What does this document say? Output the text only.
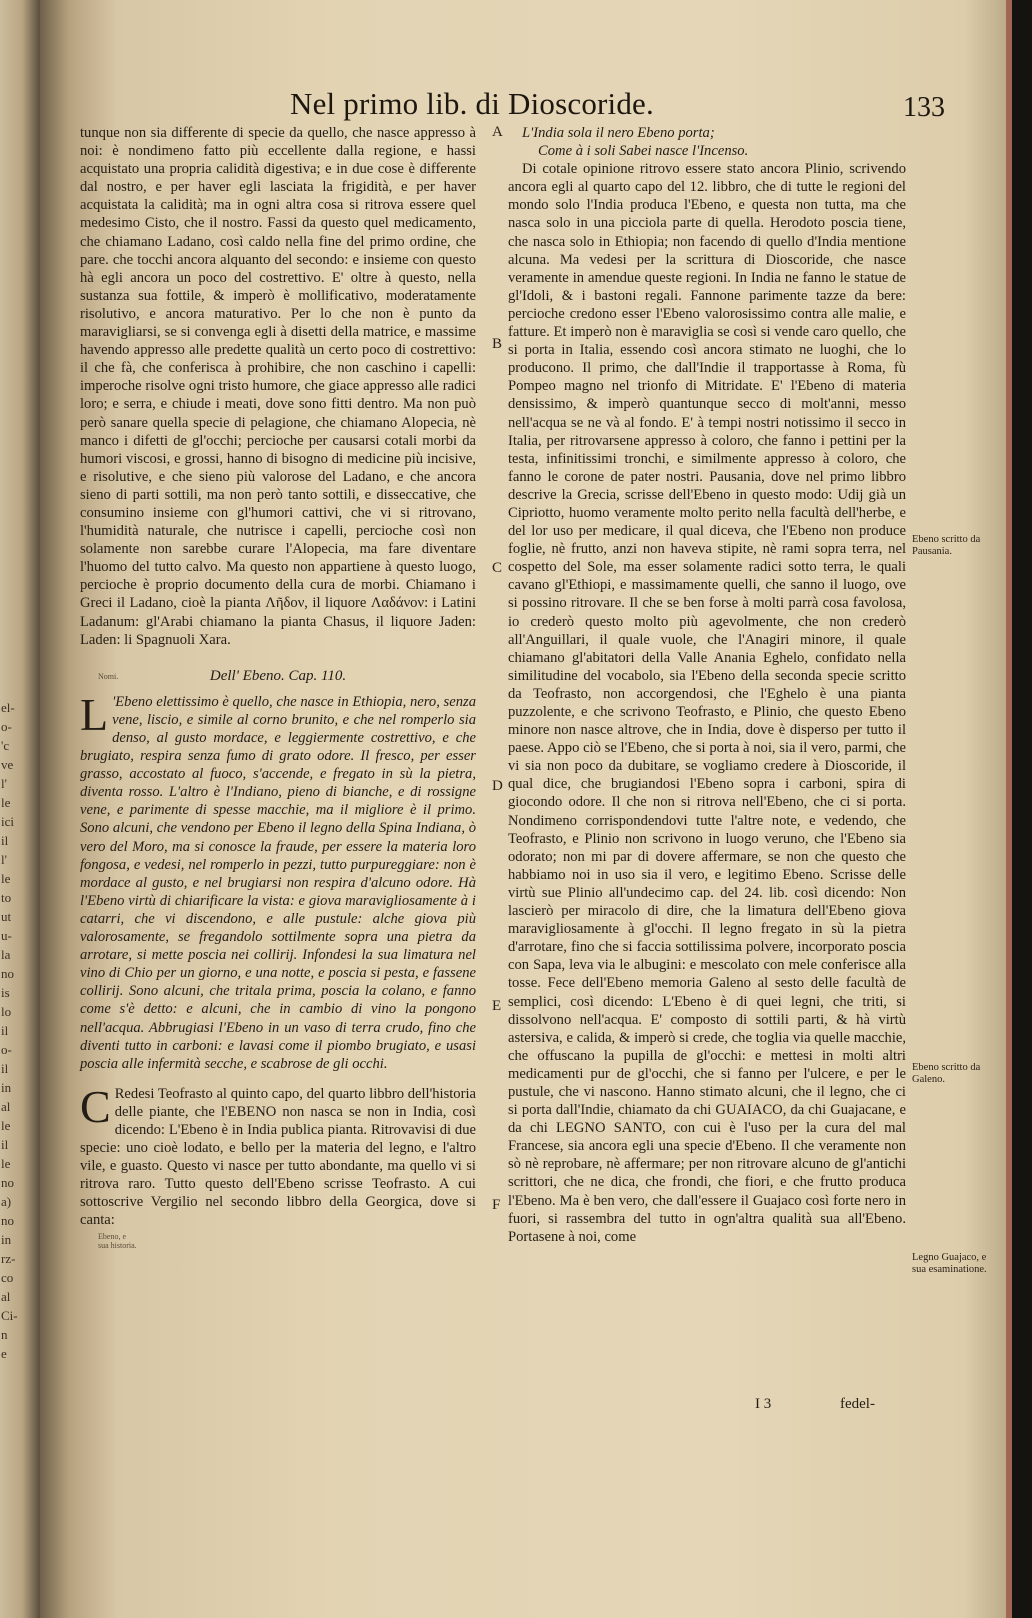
el-
o-
'c
ve
l'
le
ici
il
l'
le
to
ut
u-
la
no
is
lo
il
o-
il
in
al
le
il
le
no
a)
no
in
rz-
co
al
Ci-
n
e
Nel primo lib. di Dioscoride.	133

tunque non sia differente di specie da quello, che nasce appresso à noi: è nondimeno fatto più eccellente dalla regione, e hassi acquistato una propria calidità digestiva; e in due cose è differente dal nostro, e per haver egli lasciata la frigidità, e per haver acquistata la calidità; ma in ogni altra cosa si ritrova essere quel medesimo Cisto, che il nostro. Fassi da questo quel medicamento, che chiamano Ladano, così caldo nella fine del primo ordine, che pare. che tocchi ancora alquanto del secondo: e insieme con questo hà egli ancora un poco del costrettivo. E' oltre à questo, nella sustanza sua fottile, & imperò è mollificativo, moderatamente risolutivo, e ancora maturativo. Per lo che non è punto da maravigliarsi, se si convenga egli à disetti della matrice, e massime havendo appresso alle predette qualità un certo poco di costrettivo: il che fà, che conferisca à prohibire, che non caschino i capelli: imperoche risolve ogni tristo humore, che giace appresso alle radici loro; e serra, e chiude i meati, dove sono fitti dentro. Ma non può però sanare quella specie di pelagione, che chiamano Alopecia, nè manco i difetti de gl'occhi; percioche per causarsi cotali morbi da humori viscosi, e grossi, hanno di bisogno di medicine più incisive, e risolutive, e che sieno più valorose del Ladano, e che ancora sieno di parti sottili, ma non però tanto sottili, e disseccative, che consumino insieme con gl'humori cattivi, che vi si ritrovano, l'humidità naturale, che nutrisce i capelli, percioche così non solamente non sarebbe curare l'Alopecia, ma fare diventare l'huomo del tutto calvo. Ma questo non appartiene à questo luogo, percioche è proprio documento della cura de morbi. Chiamano i Greci il Ladano, cioè la pianta Λῆδον, il liquore Λαδάνον: i Latini Ladanum: gl'Arabi chiamano la pianta Chasus, il liquore Jaden: Laden: li Spagnuoli Xara.

Dell' Ebeno. Cap. 110.

L 'Ebeno elettissimo è quello, che nasce in Ethiopia, nero, senza vene, liscio, e simile al corno brunito, e che nel romperlo sia denso, al gusto mordace, e leggiermente costrettivo, e che brugiato, respira senza fumo di grato odore. Il fresco, per esser grasso, accostato al fuoco, s'accende, e fregato in sù la pietra, diventa rosso. L'altro è l'Indiano, pieno di bianche, e di rossigne vene, e parimente di spesse macchie, ma il migliore è il primo. Sono alcuni, che vendono per Ebeno il legno della Spina Indiana, ò vero del Moro, ma si conosce la fraude, per essere la materia loro fongosa, e vedesi, nel romperlo in pezzi, tutto purpureggiare: non è mordace al gusto, e nel brugiarsi non respira d'alcuno odore. Hà l'Ebeno virtù di chiarificare la vista: e giova maravigliosamente à i catarri, che vi discendono, e alle pustule: alche giova più valorosamente, se fregandolo sottilmente sopra una pietra da arrotare, si mette poscia nei collirij. Infondesi la sua limatura nel vino di Chio per un giorno, e una notte, e poscia si pesta, e fassene collirij. Sono alcuni, che tritala prima, poscia la colano, e fanno come s'è detto: e alcuni, che in cambio di vino la pongono nell'acqua. Abbrugiasi l'Ebeno in un vaso di terra crudo, fino che diventi tutto in carboni: e lavasi come il piombo brugiato, e usasi poscia alle infermità secche, e scabrose de gli occhi.

C Redesi Teofrasto al quinto capo, del quarto libbro dell'historia delle piante, che l'EBENO non nasca se non in India, così dicendo: L'Ebeno è in India publica pianta. Ritrovavisi di due specie: uno cioè lodato, e bello per la materia del legno, e l'altro vile, e guasto. Questo vi nasce per tutto abondante, ma quello vi si ritrova raro. Tutto questo dell'Ebeno scrisse Teofrasto. A cui sottoscrive Vergilio nel secondo libbro della Georgica, dove si canta:

A
B
C
D
E
F

L'India sola il nero Ebeno porta;

Come à i soli Sabei nasce l'Incenso.

Di cotale opinione ritrovo essere stato ancora Plinio, scrivendo ancora egli al quarto capo del 12. libbro, che di tutte le regioni del mondo solo l'India produca l'Ebeno, e questa non tutta, ma che nasca solo in una picciola parte di quella. Herodoto poscia tiene, che nasca solo in Ethiopia; non facendo di quello d'India mentione alcuna. Ma vedesi per la scrittura di Dioscoride, che nasce veramente in amendue queste regioni. In India ne fanno le statue de gl'Idoli, & i bastoni regali. Fannone parimente tazze da bere: percioche credono esser l'Ebeno valorosissimo contra alle malie, e fatture. Et imperò non è maraviglia se così si vende caro quello, che si porta in Italia, essendo così ancora stimato ne luoghi, che lo producono. Il primo, che dall'Indie il trapportasse à Roma, fù Pompeo magno nel trionfo di Mitridate. E' l'Ebeno di materia densissimo, & imperò quantunque secco di molt'anni, messo nell'acqua se ne và al fondo. E' à tempi nostri notissimo il secco in Italia, per ritrovarsene appresso à coloro, che fanno i pettini per la testa, infinitissimi tronchi, e similmente appresso à coloro, che fanno le corone de pater nostri. Pausania, dove nel primo libbro descrive la Grecia, scrisse dell'Ebeno in questo modo: Udij già un Cipriotto, huomo veramente molto perito nella facultà dell'herbe, e del lor uso per medicare, il qual diceva, che l'Ebeno non produce foglie, nè frutto, anzi non haveva stipite, nè rami sopra terra, nel cospetto del Sole, ma esser solamente radici sotto terra, le quali cavano gl'Ethiopi, e massimamente quelli, che sanno il luogo, ove si possino ritrovare. Il che se ben forse à molti parrà cosa favolosa, io crederò questo molto più agevolmente, che non crederò all'Anguillari, il quale vuole, che l'Anagiri minore, il quale chiamano gl'abitatori della Valle Anania Eghelo, confidato nella similitudine del vocabolo, sia l'Ebeno della seconda specie scritto da Teofrasto, non accorgendosi, che l'Eghelo è una pianta puzzolente, e che scrivono Teofrasto, e Plinio, che questo Ebeno minore non nasce altrove, che in India, dove è disperso per tutto il paese. Appo ciò se l'Ebeno, che si porta à noi, sia il vero, parmi, che vi sia non poco da dubitare, se vogliamo credere à Dioscoride, il qual dice, che brugiandosi l'Ebeno sopra i carboni, spira di giocondo odore. Il che non si ritrova nell'Ebeno, che ci si porta. Nondimeno corrispondendovi tutte l'altre note, e vedendo, che Teofrasto, e Plinio non scrivono in luogo veruno, che l'Ebeno sia odorato; non mi par di dovere affermare, se non che questo che habbiamo noi in uso sia il vero, e legitimo Ebeno. Scrisse delle virtù sue Plinio all'undecimo cap. del 24. lib. così dicendo: Non lascierò per miracolo di dire, che la limatura dell'Ebeno giova maravigliosamente à gl'occhi. Il legno fregato in sù la pietra d'arrotare, fino che si faccia sottilissima polvere, incorporato poscia con Sapa, leva via le albugini: e mescolato con mele conferisce alla tosse. Fece dell'Ebeno memoria Galeno al sesto delle facultà de semplici, così dicendo: L'Ebeno è di quei legni, che triti, si dissolvono nell'acqua. E' composto di sottili parti, & hà virtù astersiva, e calida, & imperò si crede, che toglia via quelle macchie, che offuscano la pupilla de gl'occhi: e mettesi in molti altri medicamenti pur de gl'occhi, che si fanno per l'ulcere, e per le pustule, che vi nascono. Hanno stimato alcuni, che il legno, che ci si porta dall'Indie, chiamato da chi GUAIACO, da chi Guajacane, e da chi LEGNO SANTO, con cui è l'uso per la cura del mal Francese, sia ancora egli una specie d'Ebeno. Il che veramente non sò nè reprobare, nè affermare; per non ritrovare alcuno de gl'antichi scrittori, che ne dica, che frondi, che fiori, e che frutto produca l'Ebeno. Ma è ben vero, che dall'essere il Guajaco così forte nero in fuori, si rassembra del tutto in ogn'altra qualità sua all'Ebeno. Portasene à noi, come

Ebeno scritto da Pausania.
Ebeno scritto da Galeno.
Legno Guajaco, e sua esaminatione.
Nomi.
Ebeno, e sua historia.
I 3	fedel-
